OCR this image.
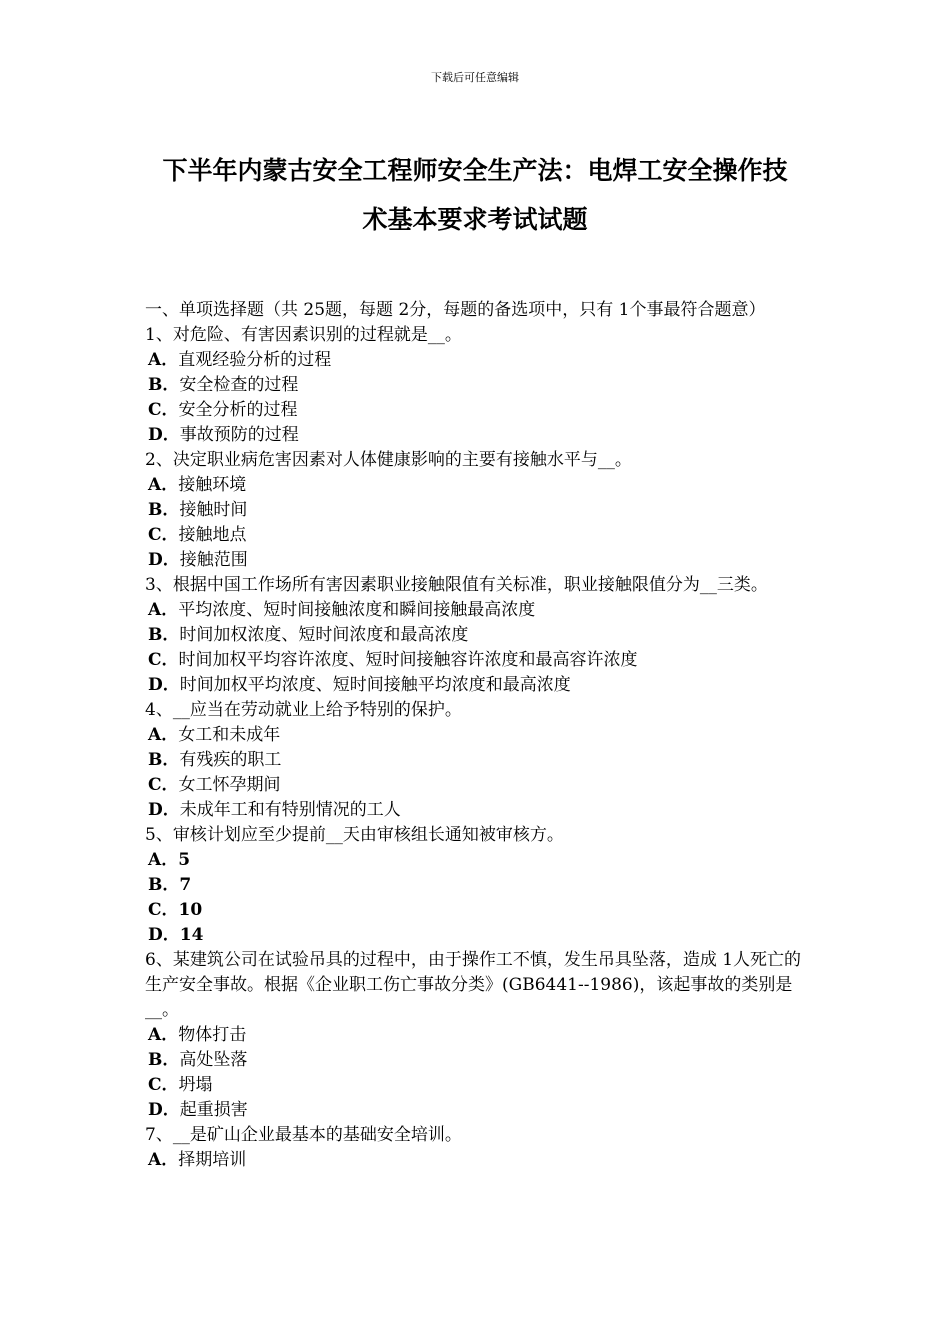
下载后可任意编辑
下半年内蒙古安全工程师安全生产法：电焊工安全操作技
术基本要求考试试题
一、单项选择题（共 25题，每题 2分，每题的备选项中，只有 1个事最符合题意）
1、对危险、有害因素识别的过程就是__。
A．直观经验分析的过程
B．安全检查的过程
C．安全分析的过程
D．事故预防的过程
2、决定职业病危害因素对人体健康影响的主要有接触水平与__。
A．接触环境
B．接触时间
C．接触地点
D．接触范围
3、根据中国工作场所有害因素职业接触限值有关标准，职业接触限值分为__三类。
A．平均浓度、短时间接触浓度和瞬间接触最高浓度
B．时间加权浓度、短时间浓度和最高浓度
C．时间加权平均容许浓度、短时间接触容许浓度和最高容许浓度
D．时间加权平均浓度、短时间接触平均浓度和最高浓度
4、__应当在劳动就业上给予特别的保护。
A．女工和未成年
B．有残疾的职工
C．女工怀孕期间
D．未成年工和有特别情况的工人
5、审核计划应至少提前__天由审核组长通知被审核方。
A．5
B．7
C．10
D．14
6、某建筑公司在试验吊具的过程中，由于操作工不慎，发生吊具坠落，造成 1人死亡的生产安全事故。根据《企业职工伤亡事故分类》(GB6441--1986)，该起事故的类别是__。
A．物体打击
B．高处坠落
C．坍塌
D．起重损害
7、__是矿山企业最基本的基础安全培训。
A．择期培训
